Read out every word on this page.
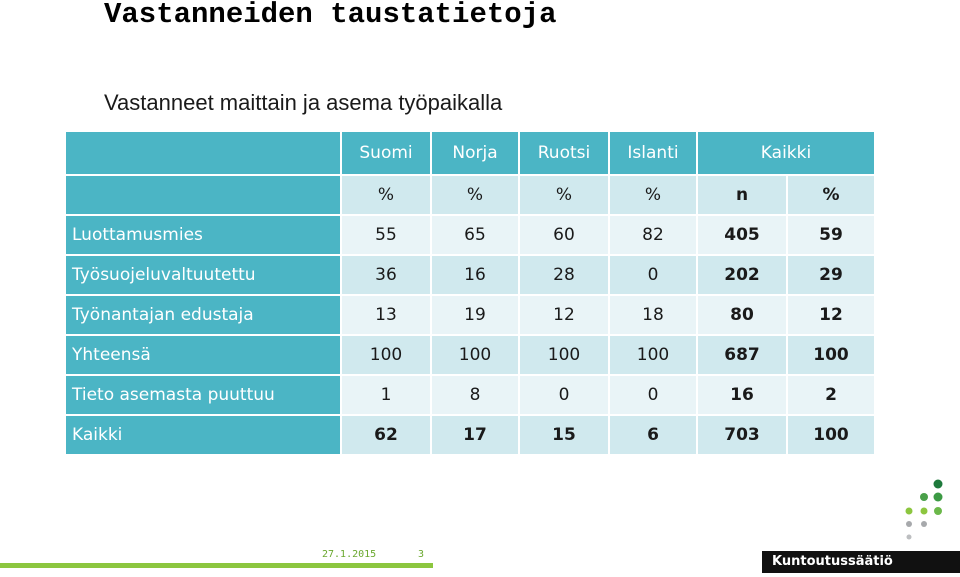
Vastanneiden taustatietoja
Vastanneet maittain ja asema työpaikalla
	Suomi	Norja	Ruotsi	Islanti	Kaikki	
	%	%	%	%	n	%
Luottamusmies	55	65	60	82	405	59
Työsuojeluvaltuutettu	36	16	28	0	202	29
Työnantajan edustaja	13	19	12	18	80	12
Yhteensä	100	100	100	100	687	100
Tieto asemasta puuttuu	1	8	0	0	16	2
Kaikki	62	17	15	6	703	100
27.1.2015	3	Kuntoutussäätiö
